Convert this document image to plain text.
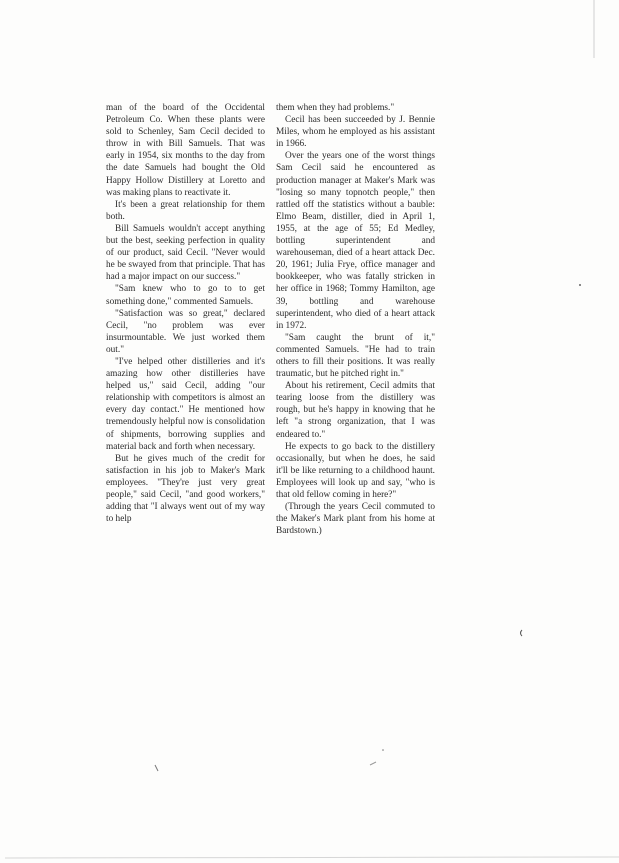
man of the board of the Occidental Petroleum Co. When these plants were sold to Schenley, Sam Cecil decided to throw in with Bill Samuels. That was early in 1954, six months to the day from the date Samuels had bought the Old Happy Hollow Distillery at Loretto and was making plans to reactivate it.

It's been a great relationship for them both.

Bill Samuels wouldn't accept anything but the best, seeking perfection in quality of our product, said Cecil. "Never would he be swayed from that principle. That has had a major impact on our success."

"Sam knew who to go to to get something done," commented Samuels.

"Satisfaction was so great," declared Cecil, "no problem was ever insurmountable. We just worked them out."

"I've helped other distilleries and it's amazing how other distilleries have helped us," said Cecil, adding "our relationship with competitors is almost an every day contact." He mentioned how tremendously helpful now is consolidation of shipments, borrowing supplies and material back and forth when necessary.

But he gives much of the credit for satisfaction in his job to Maker's Mark employees. "They're just very great people," said Cecil, "and good workers," adding that "I always went out of my way to help

them when they had problems."

Cecil has been succeeded by J. Bennie Miles, whom he employed as his assistant in 1966.

Over the years one of the worst things Sam Cecil said he encountered as production manager at Maker's Mark was "losing so many topnotch people," then rattled off the statistics without a bauble: Elmo Beam, distiller, died in April 1, 1955, at the age of 55; Ed Medley, bottling superintendent and warehouseman, died of a heart attack Dec. 20, 1961; Julia Frye, office manager and bookkeeper, who was fatally stricken in her office in 1968; Tommy Hamilton, age 39, bottling and warehouse superintendent, who died of a heart attack in 1972.

"Sam caught the brunt of it," commented Samuels. "He had to train others to fill their positions. It was really traumatic, but he pitched right in."

About his retirement, Cecil admits that tearing loose from the distillery was rough, but he's happy in knowing that he left "a strong organization, that I was endeared to."

He expects to go back to the distillery occasionally, but when he does, he said it'll be like returning to a childhood haunt. Employees will look up and say, "who is that old fellow coming in here?"

(Through the years Cecil commuted to the Maker's Mark plant from his home at Bardstown.)
